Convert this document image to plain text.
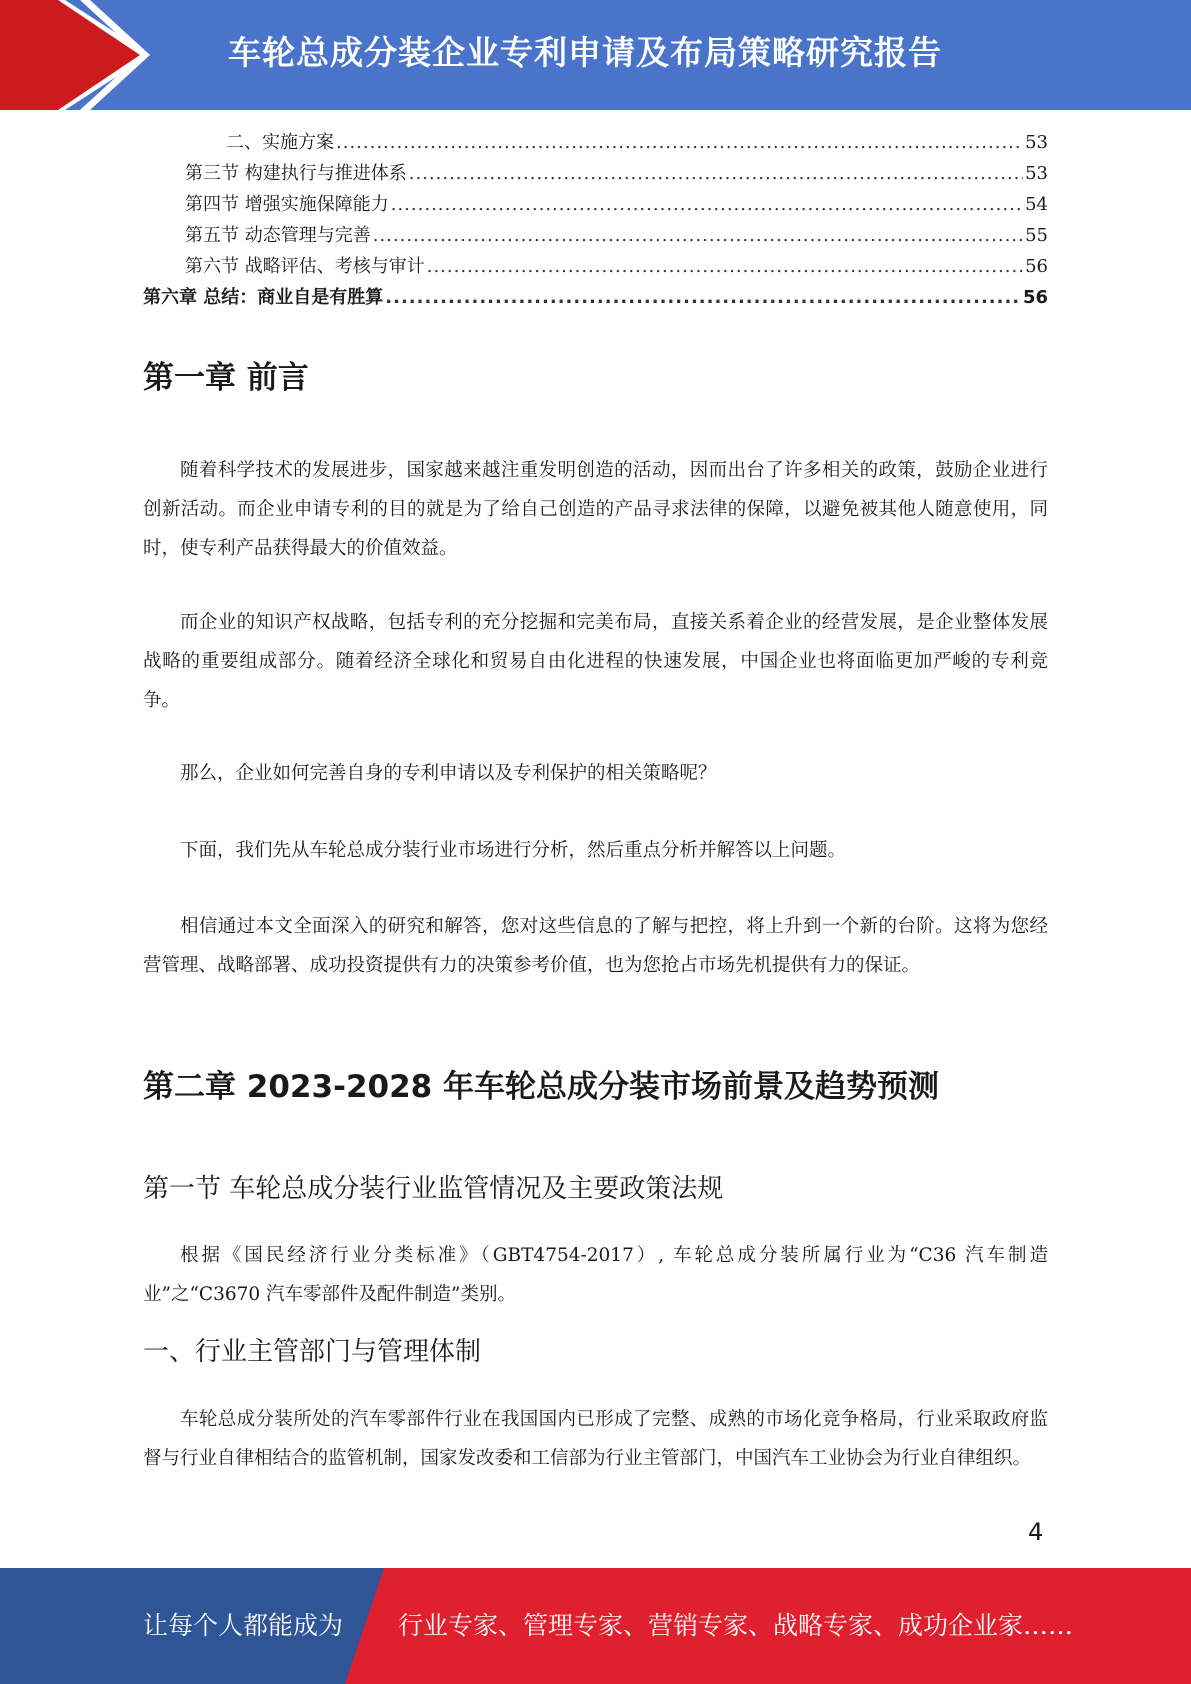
车轮总成分装企业专利申请及布局策略研究报告
二、实施方案 .....	53
第三节 构建执行与推进体系 .....	53
第四节 增强实施保障能力 .....	54
第五节 动态管理与完善 .....	55
第六节 战略评估、考核与审计 .....	56
第六章 总结：商业自是有胜算 .....	56
第一章 前言

随着科学技术的发展进步，国家越来越注重发明创造的活动，因而出台了许多相关的政策，鼓励企业进行创新活动。而企业申请专利的目的就是为了给自己创造的产品寻求法律的保障，以避免被其他人随意使用，同时，使专利产品获得最大的价值效益。

而企业的知识产权战略，包括专利的充分挖掘和完美布局，直接关系着企业的经营发展，是企业整体发展战略的重要组成部分。随着经济全球化和贸易自由化进程的快速发展，中国企业也将面临更加严峻的专利竞争。

那么，企业如何完善自身的专利申请以及专利保护的相关策略呢？

下面，我们先从车轮总成分装行业市场进行分析，然后重点分析并解答以上问题。

相信通过本文全面深入的研究和解答，您对这些信息的了解与把控，将上升到一个新的台阶。这将为您经营管理、战略部署、成功投资提供有力的决策参考价值，也为您抢占市场先机提供有力的保证。

第二章 2023-2028 年车轮总成分装市场前景及趋势预测
第一节 车轮总成分装行业监管情况及主要政策法规

根据《国民经济行业分类标准》（GBT4754-2017）, 车轮总成分装所属行业为“C36 汽车制造业”之“C3670 汽车零部件及配件制造”类别。

一、行业主管部门与管理体制

车轮总成分装所处的汽车零部件行业在我国国内已形成了完整、成熟的市场化竞争格局，行业采取政府监督与行业自律相结合的监管机制，国家发改委和工信部为行业主管部门，中国汽车工业协会为行业自律组织。

4
让每个人都能成为 行业专家、管理专家、营销专家、战略专家、成功企业家……
